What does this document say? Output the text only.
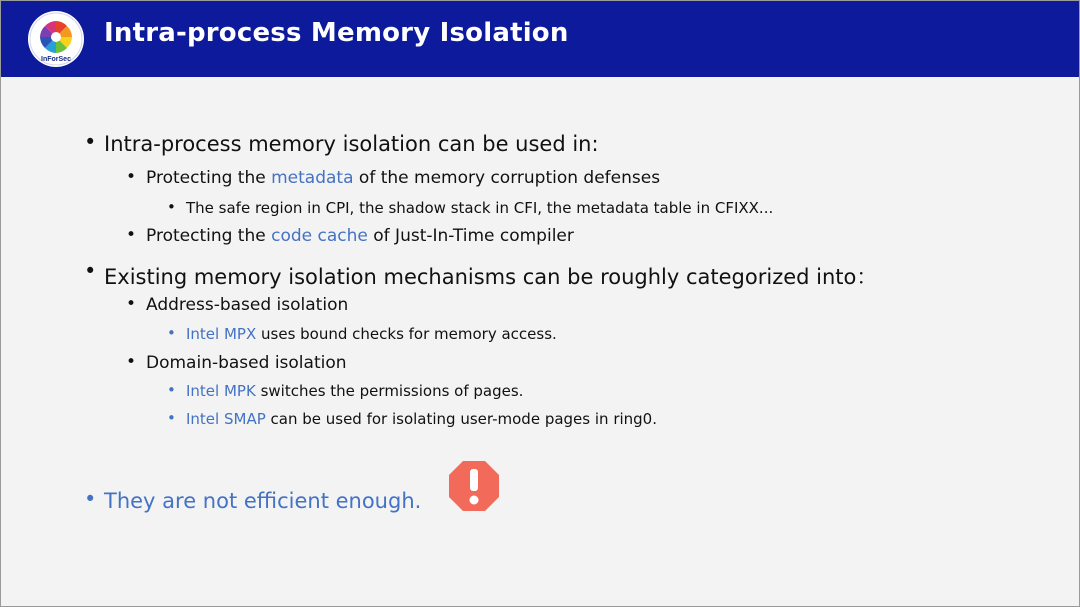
InForSec
Intra-process Memory Isolation
• Intra-process memory isolation can be used in:
• Protecting the metadata of the memory corruption defenses
• The safe region in CPI, the shadow stack in CFI, the metadata table in CFIXX...
• Protecting the code cache of Just-In-Time compiler
• Existing memory isolation mechanisms can be roughly categorized into：
• Address-based isolation
• Intel MPX uses bound checks for memory access.
• Domain-based isolation
• Intel MPK switches the permissions of pages.
• Intel SMAP can be used for isolating user-mode pages in ring0.
• They are not efficient enough.
